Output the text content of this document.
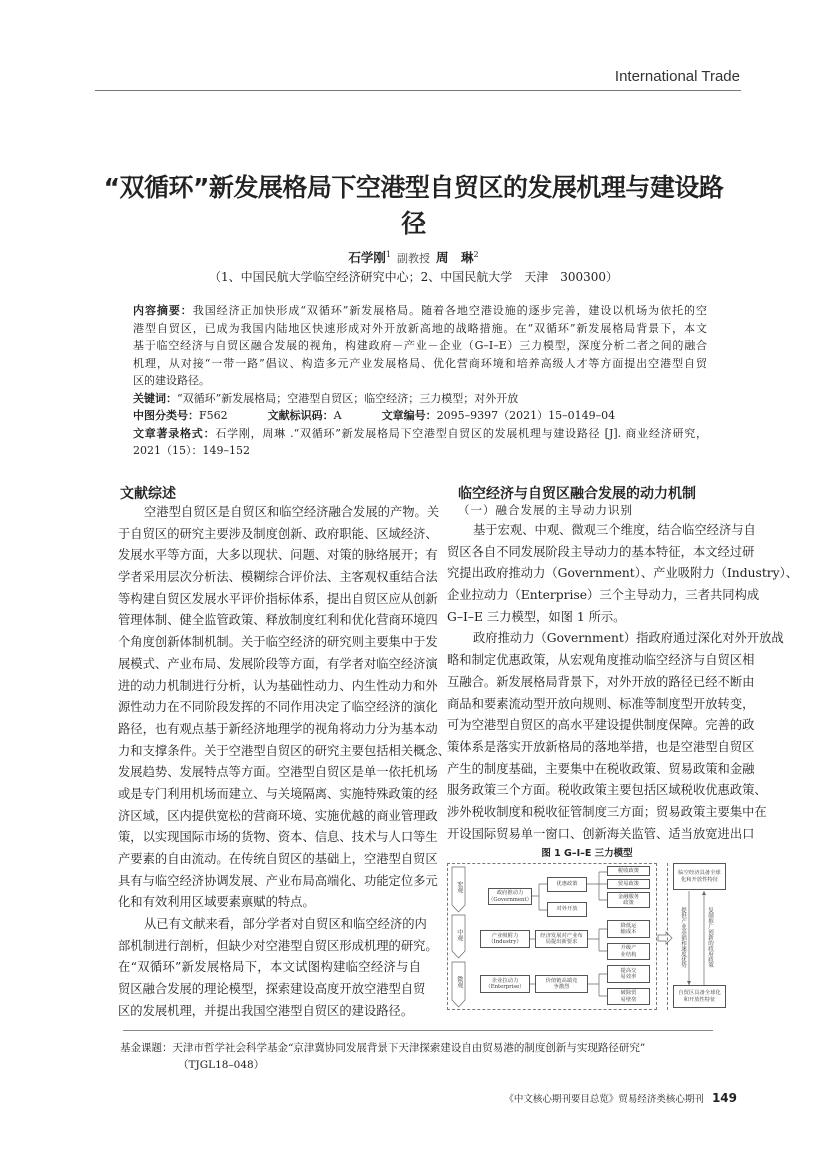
International Trade
“双循环”新发展格局下空港型自贸区的发展机理与建设路径
石学刚$^1$ 副教授 周　琳$^2$
（1、中国民航大学临空经济研究中心；2、中国民航大学　天津　300300）
内容摘要：我国经济正加快形成“双循环”新发展格局。随着各地空港设施的逐步完善，建设以机场为依托的空
港型自贸区，已成为我国内陆地区快速形成对外开放新高地的战略措施。在“双循环”新发展格局背景下，本文
基于临空经济与自贸区融合发展的视角，构建政府－产业－企业（G–I–E）三力模型，深度分析二者之间的融合
机理，从对接“一带一路”倡议、构造多元产业发展格局、优化营商环境和培养高级人才等方面提出空港型自贸
区的建设路径。
关键词： “双循环”新发展格局；空港型自贸区；临空经济；三力模型；对外开放
中图分类号： F562	文献标识码： A	文章编号： 2095–9397（2021）15–0149–04
文章著录格式：石学刚，周琳 .“双循环”新发展格局下空港型自贸区的发展机理与建设路径 [J]. 商业经济研究，
2021（15）：149–152
文献综述
空港型自贸区是自贸区和临空经济融合发展的产物。关
于自贸区的研究主要涉及制度创新、政府职能、区域经济、
发展水平等方面，大多以现状、问题、对策的脉络展开；有
学者采用层次分析法、模糊综合评价法、主客观权重结合法
等构建自贸区发展水平评价指标体系，提出自贸区应从创新
管理体制、健全监管政策、释放制度红利和优化营商环境四
个角度创新体制机制。关于临空经济的研究则主要集中于发
展模式、产业布局、发展阶段等方面，有学者对临空经济演
进的动力机制进行分析，认为基础性动力、内生性动力和外
源性动力在不同阶段发挥的不同作用决定了临空经济的演化
路径，也有观点基于新经济地理学的视角将动力分为基本动
力和支撑条件。关于空港型自贸区的研究主要包括相关概念、
发展趋势、发展特点等方面。空港型自贸区是单一依托机场
或是专门利用机场而建立、与关境隔离、实施特殊政策的经
济区域，区内提供宽松的营商环境、实施优越的商业管理政
策，以实现国际市场的货物、资本、信息、技术与人口等生
产要素的自由流动。在传统自贸区的基础上，空港型自贸区
具有与临空经济协调发展、产业布局高端化、功能定位多元
化和有效利用区域要素禀赋的特点。
从已有文献来看，部分学者对自贸区和临空经济的内
部机制进行剖析，但缺少对空港型自贸区形成机理的研究。
在“双循环”新发展格局下，本文试图构建临空经济与自
贸区融合发展的理论模型，探索建设高度开放空港型自贸
区的发展机理，并提出我国空港型自贸区的建设路径。
临空经济与自贸区融合发展的动力机制
（一）融合发展的主导动力识别
基于宏观、中观、微观三个维度，结合临空经济与自
贸区各自不同发展阶段主导动力的基本特征，本文经过研
究提出政府推动力（Government）、产业吸附力（Industry）、
企业拉动力（Enterprise）三个主导动力，三者共同构成
G–I–E 三力模型，如图 1 所示。
政府推动力（Government）指政府通过深化对外开放战
略和制定优惠政策，从宏观角度推动临空经济与自贸区相
互融合。新发展格局背景下，对外开放的路径已经不断由
商品和要素流动型开放向规则、标准等制度型开放转变，
可为空港型自贸区的高水平建设提供制度保障。完善的政
策体系是落实开放新格局的落地举措，也是空港型自贸区
产生的制度基础，主要集中在税收政策、贸易政策和金融
服务政策三个方面。税收政策主要包括区域税收优惠政策、
涉外税收制度和税收征管制度三方面；贸易政策主要集中在
开设国际贸易单一窗口、创新海关监管、适当放宽进出口
图 1 G–I–E 三力模型
宏观
中观
微观
政府推动力（Government）
优惠政策
对外开放
税收政策
贸易政策
金融服务政策
产业吸附力（Industry）
经济发展对产业布局提出新要求
降低运输成本
升级产业结构
企业拉动力（Enterprise）
价值链高端竞争激烈
提高交易效率
破除贸易壁垒
临空经济具备全球化和开放性特征
自贸区具备全球化和开放性特征
提供产业基础和速度优势	复制推广创新的政府政策
基金课题：天津市哲学社会科学基金“京津冀协同发展背景下天津探索建设自由贸易港的制度创新与实现路径研究”
（TJGL18–048）
《中文核心期刊要目总览》贸易经济类核心期刊 149
